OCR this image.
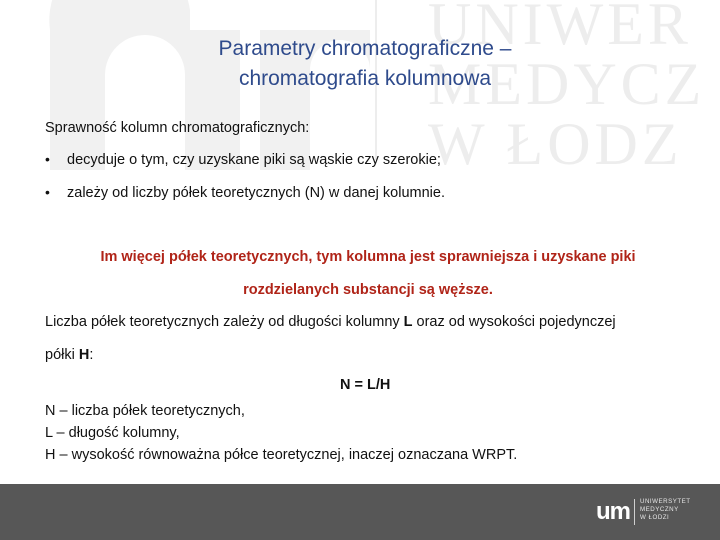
UNIWER
MEDYCZ
W ŁODZ
Parametry chromatograficzne –
chromatografia kolumnowa
Sprawność kolumn chromatograficznych:
• decyduje o tym, czy uzyskane piki są wąskie czy szerokie;
• zależy od liczby półek teoretycznych (N) w danej kolumnie.
Im więcej półek teoretycznych, tym kolumna jest sprawniejsza i uzyskane piki
rozdzielanych substancji są węższe.
Liczba półek teoretycznych zależy od długości kolumny L oraz od wysokości pojedynczej
półki H:
N = L/H
N – liczba półek teoretycznych,
L – długość kolumny,
H – wysokość równoważna półce teoretycznej, inaczej oznaczana WRPT.
um UNIWERSYTET
MEDYCZNY
W ŁODZI
